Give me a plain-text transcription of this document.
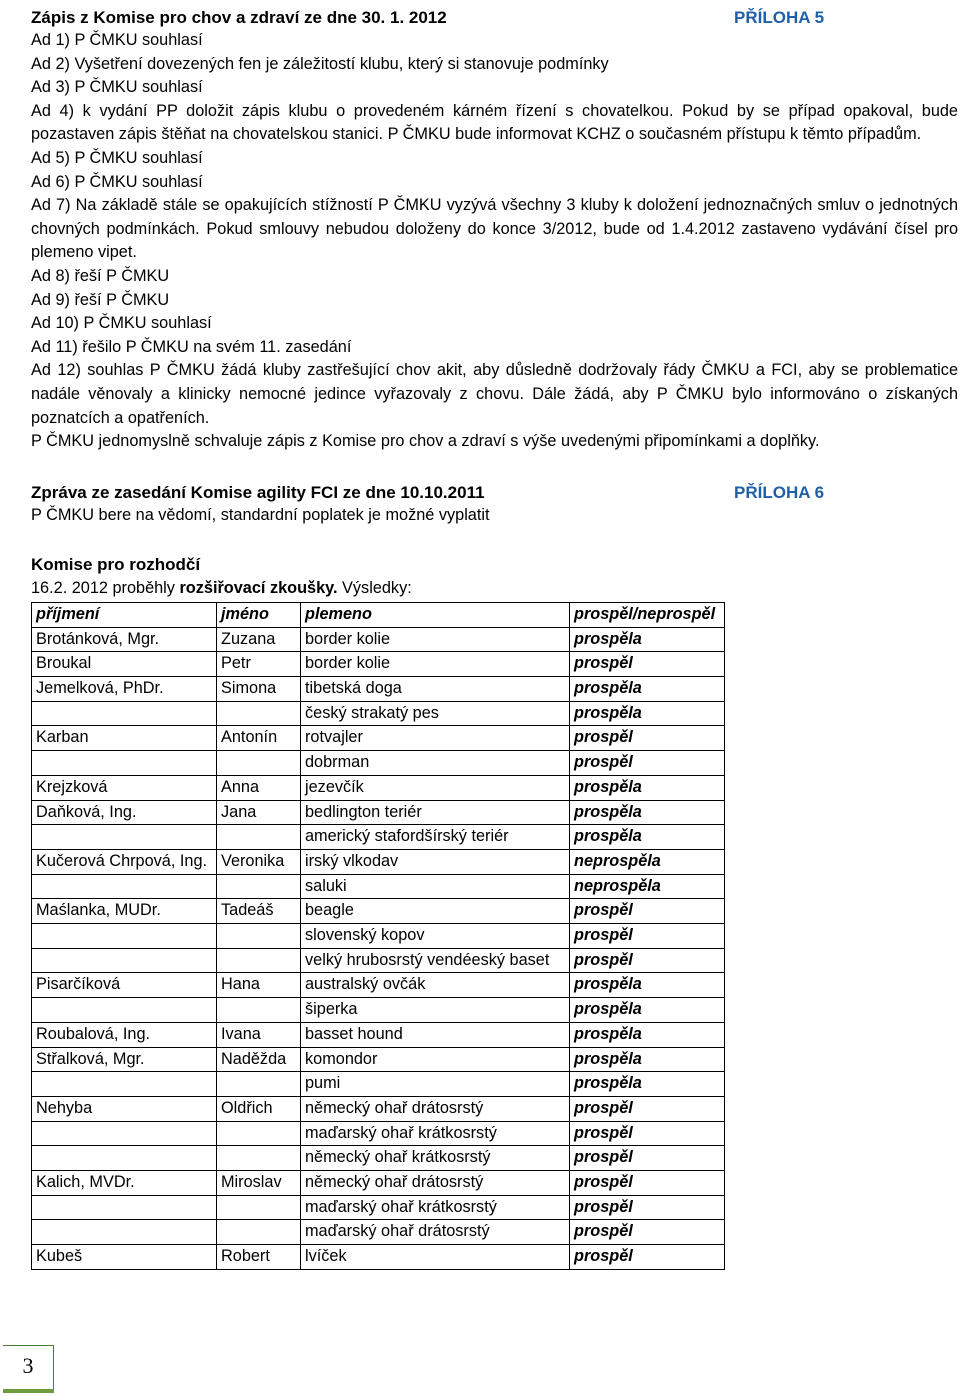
Zápis z Komise pro chov a zdraví ze dne 30. 1. 2012	PŘÍLOHA 5
Ad 1) P ČMKU souhlasí
Ad 2) Vyšetření dovezených fen je záležitostí klubu, který si stanovuje podmínky
Ad 3) P ČMKU souhlasí
Ad 4) k vydání PP doložit zápis klubu o provedeném kárném řízení s chovatelkou. Pokud by se případ opakoval, bude pozastaven zápis štěňat na chovatelskou stanici. P ČMKU bude informovat KCHZ o současném přístupu k těmto případům.
Ad 5) P ČMKU souhlasí
Ad 6) P ČMKU souhlasí
Ad 7) Na základě stále se opakujících stížností P ČMKU vyzývá všechny 3 kluby k doložení jednoznačných smluv o jednotných chovných podmínkách. Pokud smlouvy nebudou doloženy do konce 3/2012, bude od 1.4.2012 zastaveno vydávání čísel pro plemeno vipet.
Ad 8) řeší P ČMKU
Ad 9) řeší P ČMKU
Ad 10) P ČMKU souhlasí
Ad 11) řešilo P ČMKU na svém 11. zasedání
Ad 12) souhlas P ČMKU žádá kluby zastřešující chov akit, aby důsledně dodržovaly řády ČMKU a FCI, aby se problematice nadále věnovaly a klinicky nemocné jedince vyřazovaly z chovu. Dále žádá, aby P ČMKU bylo informováno o získaných poznatcích a opatřeních.
P ČMKU jednomyslně schvaluje zápis z Komise pro chov a zdraví s výše uvedenými připomínkami a doplňky.
Zpráva ze zasedání Komise agility FCI ze dne 10.10.2011	PŘÍLOHA 6
P ČMKU bere na vědomí, standardní poplatek je možné vyplatit
Komise pro rozhodčí
16.2. 2012 proběhly rozšiřovací zkoušky. Výsledky:
příjmení	jméno	plemeno	prospěl/neprospěl
Brotánková, Mgr.	Zuzana	border kolie	prospěla
Broukal	Petr	border kolie	prospěl
Jemelková, PhDr.	Simona	tibetská doga	prospěla
		český strakatý pes	prospěla
Karban	Antonín	rotvajler	prospěl
		dobrman	prospěl
Krejzková	Anna	jezevčík	prospěla
Daňková, Ing.	Jana	bedlington teriér	prospěla
		americký stafordšírský teriér	prospěla
Kučerová Chrpová, Ing.	Veronika	irský vlkodav	neprospěla
		saluki	neprospěla
Maślanka, MUDr.	Tadeáš	beagle	prospěl
		slovenský kopov	prospěl
		velký hrubosrstý vendéeský baset	prospěl
Pisarčíková	Hana	australský ovčák	prospěla
		šiperka	prospěla
Roubalová, Ing.	Ivana	basset hound	prospěla
Střalková, Mgr.	Naděžda	komondor	prospěla
		pumi	prospěla
Nehyba	Oldřich	německý ohař drátosrstý	prospěl
		maďarský ohař krátkosrstý	prospěl
		německý ohař krátkosrstý	prospěl
Kalich, MVDr.	Miroslav	německý ohař drátosrstý	prospěl
		maďarský ohař krátkosrstý	prospěl
		maďarský ohař drátosrstý	prospěl
Kubeš	Robert	lvíček	prospěl
3
